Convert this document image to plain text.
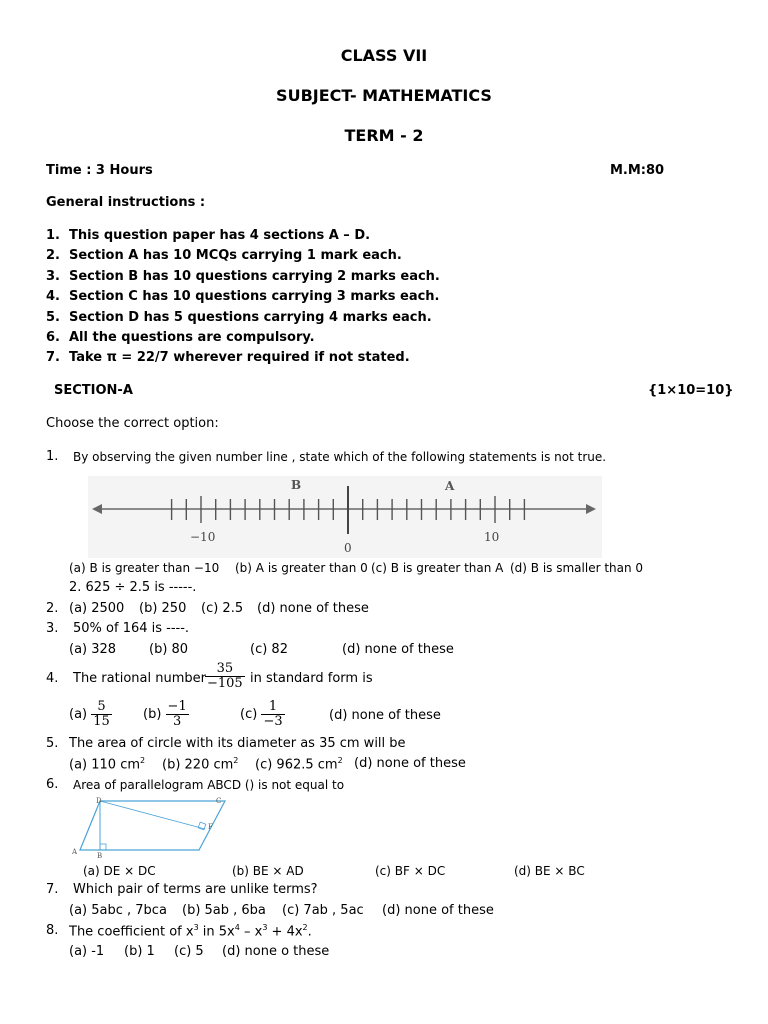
CLASS VII
SUBJECT- MATHEMATICS
TERM - 2
Time : 3 Hours	M.M:80
General instructions :
1. This question paper has 4 sections A – D.
2. Section A has 10 MCQs carrying 1 mark each.
3. Section B has 10 questions carrying 2 marks each.
4. Section C has 10 questions carrying 3 marks each.
5. Section D has 5 questions carrying 4 marks each.
6. All the questions are compulsory.
7. Take π = 22/7 wherever required if not stated.
SECTION-A	{1×10=10}
Choose the correct option:
1. By observing the given number line , state which of the following statements is not true.
B	A
−10
0
10
(a) B is greater than −10 (b) A is greater than 0 (c) B is greater than A (d) B is smaller than 0
2. 625 ÷ 2.5 is -----.
2. (a) 2500 (b) 250 (c) 2.5 (d) none of these
3. 50% of 164 is ----.
(a) 328	(b) 80	(c) 82	(d) none of these
4. The rational number $\frac{35}{-105}$ in standard form is
$(a) \frac{5}{15} (b) \frac{-1}{3}$	$(c) \frac{1}{-3}$	(d) none of these
5. The area of circle with its diameter as 35 cm will be
(a) 110 $cm^2$ (b) 220 $cm^2$ (c) 962.5 $cm^2$ (d) none of these
6. Area of parallelogram ABCD () is not equal to
A	B
C
D
F
(a) DE × DC	(b) BE × AD	(c) BF × DC	(d) BE × BC
7. Which pair of terms are unlike terms?
(a) 5abc , 7bca (b) 5ab , 6ba (c) 7ab , 5ac (d) none of these
8. The coefficient of $x^3$ in $5x^4 - x^3 + 4x^2$.
(a) -1 (b) 1 (c) 5 (d) none o these
